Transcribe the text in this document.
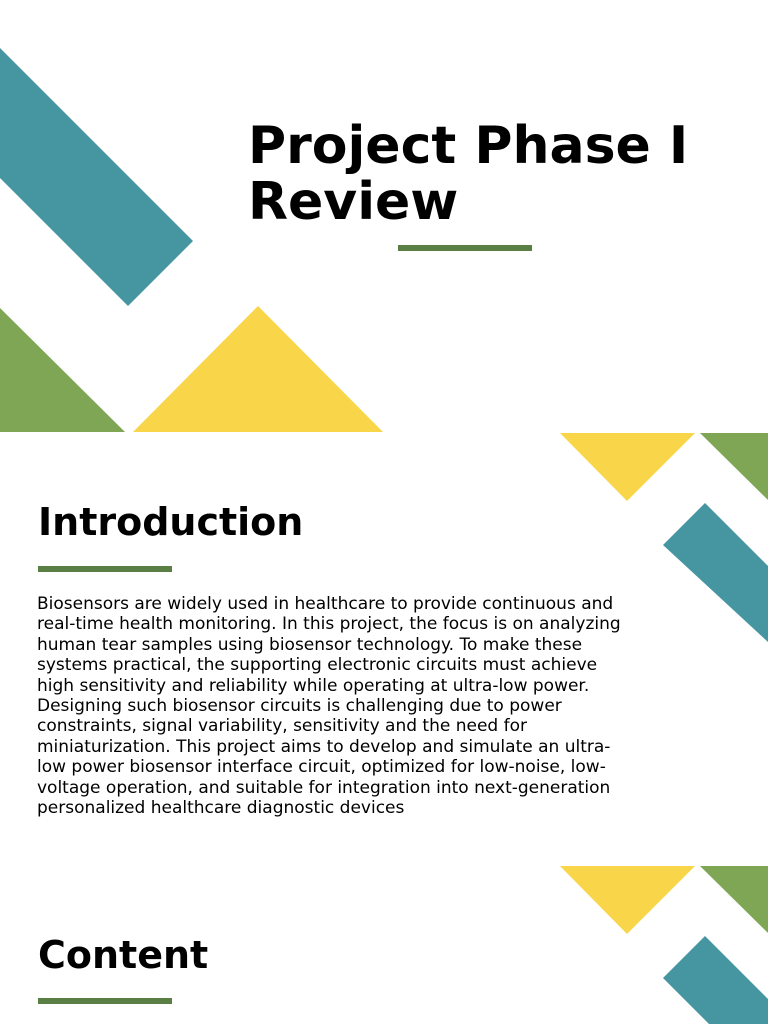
Project Phase I
Review
Introduction

Biosensors are widely used in healthcare to provide continuous and
real-time health monitoring. In this project, the focus is on analyzing
human tear samples using biosensor technology. To make these
systems practical, the supporting electronic circuits must achieve
high sensitivity and reliability while operating at ultra-low power.
Designing such biosensor circuits is challenging due to power
constraints, signal variability, sensitivity and the need for
miniaturization. This project aims to develop and simulate an ultra-
low power biosensor interface circuit, optimized for low-noise, low-
voltage operation, and suitable for integration into next-generation
personalized healthcare diagnostic devices

Content
